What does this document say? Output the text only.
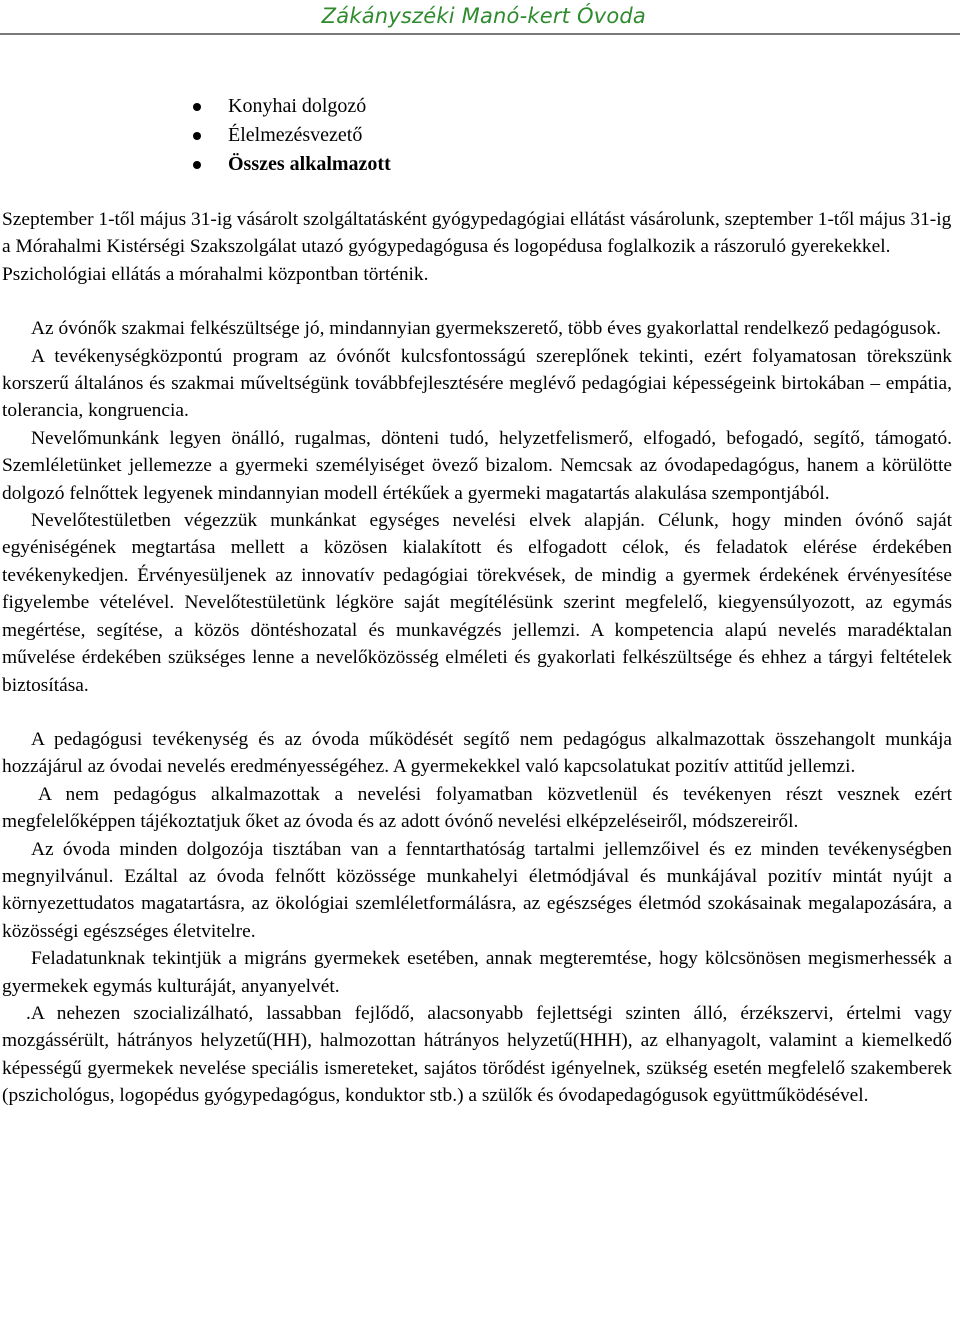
Zákányszéki Manó-kert Óvoda
Konyhai dolgozó
Élelmezésvezető
Összes alkalmazott

Szeptember 1-től május 31-ig vásárolt szolgáltatásként gyógypedagógiai ellátást vásárolunk, szeptember 1-től május 31-ig a Mórahalmi Kistérségi Szakszolgálat utazó gyógypedagógusa és logopédusa foglalkozik a rászoruló gyerekekkel. Pszichológiai ellátás a mórahalmi központban történik.

Az óvónők szakmai felkészültsége jó, mindannyian gyermekszerető, több éves gyakorlattal rendelkező pedagógusok.

A tevékenységközpontú program az óvónőt kulcsfontosságú szereplőnek tekinti, ezért folyamatosan törekszünk korszerű általános és szakmai műveltségünk továbbfejlesztésére meglévő pedagógiai képességeink birtokában – empátia, tolerancia, kongruencia.

Nevelőmunkánk legyen önálló, rugalmas, dönteni tudó, helyzetfelismerő, elfogadó, befogadó, segítő, támogató. Szemléletünket jellemezze a gyermeki személyiséget övező bizalom. Nemcsak az óvodapedagógus, hanem a körülötte dolgozó felnőttek legyenek mindannyian modell értékűek a gyermeki magatartás alakulása szempontjából.

Nevelőtestületben végezzük munkánkat egységes nevelési elvek alapján. Célunk, hogy minden óvónő saját egyéniségének megtartása mellett a közösen kialakított és elfogadott célok, és feladatok elérése érdekében tevékenykedjen. Érvényesüljenek az innovatív pedagógiai törekvések, de mindig a gyermek érdekének érvényesítése figyelembe vételével. Nevelőtestületünk légköre saját megítélésünk szerint megfelelő, kiegyensúlyozott, az egymás megértése, segítése, a közös döntéshozatal és munkavégzés jellemzi. A kompetencia alapú nevelés maradéktalan művelése érdekében szükséges lenne a nevelőközösség elméleti és gyakorlati felkészültsége és ehhez a tárgyi feltételek biztosítása.

A pedagógusi tevékenység és az óvoda működését segítő nem pedagógus alkalmazottak összehangolt munkája hozzájárul az óvodai nevelés eredményességéhez. A gyermekekkel való kapcsolatukat pozitív attitűd jellemzi.

A nem pedagógus alkalmazottak a nevelési folyamatban közvetlenül és tevékenyen részt vesznek ezért megfelelőképpen tájékoztatjuk őket az óvoda és az adott óvónő nevelési elképzeléseiről, módszereiről.

Az óvoda minden dolgozója tisztában van a fenntarthatóság tartalmi jellemzőivel és ez minden tevékenységben megnyilvánul. Ezáltal az óvoda felnőtt közössége munkahelyi életmódjával és munkájával pozitív mintát nyújt a környezettudatos magatartásra, az ökológiai szemléletformálásra, az egészséges életmód szokásainak megalapozására, a közösségi egészséges életvitelre.

Feladatunknak tekintjük a migráns gyermekek esetében, annak megteremtése, hogy kölcsönösen megismerhessék a gyermekek egymás kulturáját, anyanyelvét.

.A nehezen szocializálható, lassabban fejlődő, alacsonyabb fejlettségi szinten álló, érzékszervi, értelmi vagy mozgássérült, hátrányos helyzetű(HH), halmozottan hátrányos helyzetű(HHH), az elhanyagolt, valamint a kiemelkedő képességű gyermekek nevelése speciális ismereteket, sajátos törődést igényelnek, szükség esetén megfelelő szakemberek (pszichológus, logopédus gyógypedagógus, konduktor stb.) a szülők és óvodapedagógusok együttműködésével.
